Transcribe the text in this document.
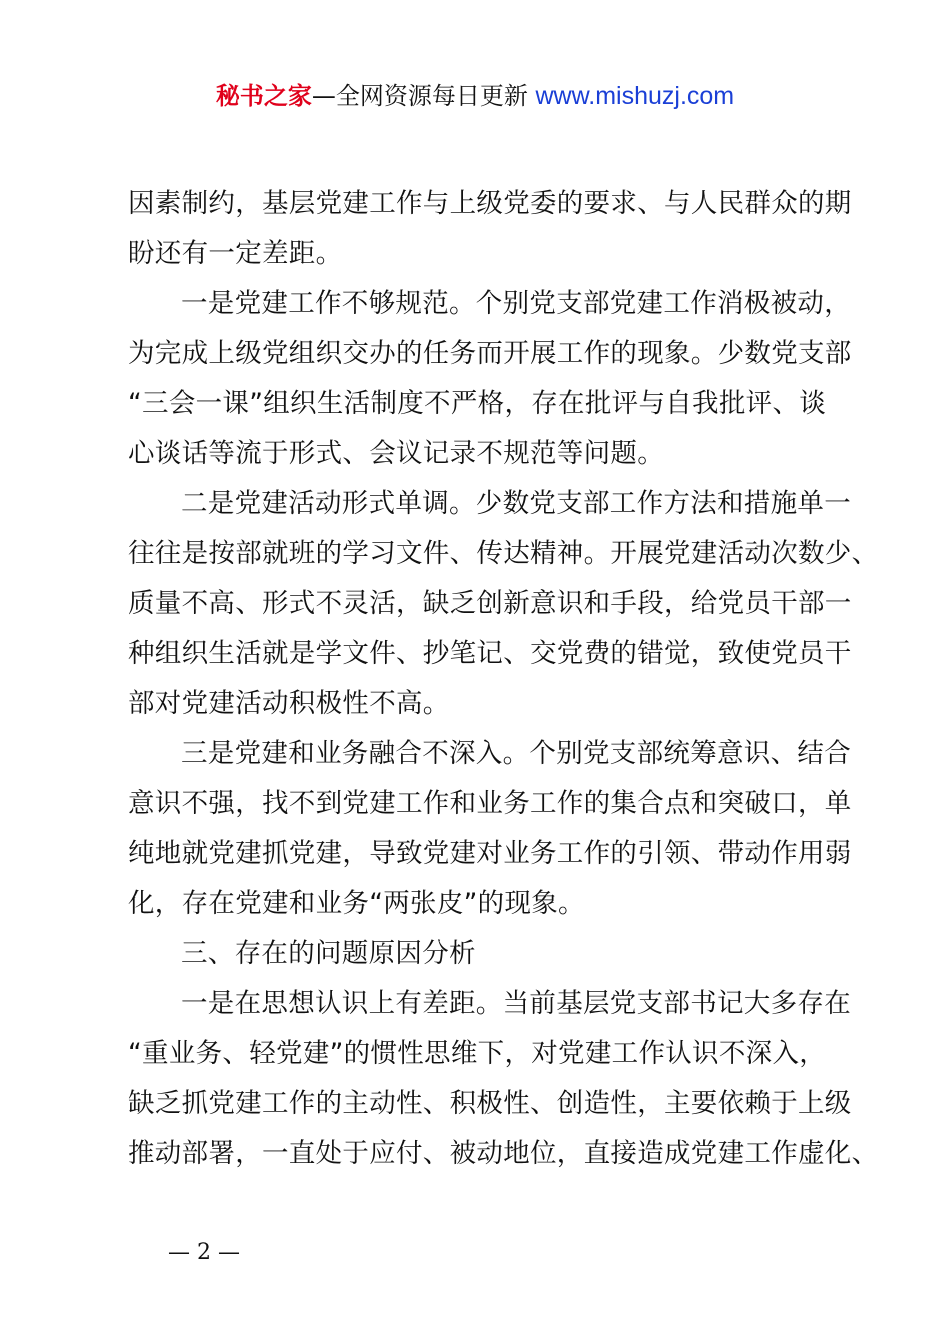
秘书之家—全网资源每日更新 www.mishuzj.com

因素制约，基层党建工作与上级党委的要求、与人民群众的期
盼还有一定差距。

一是党建工作不够规范。个别党支部党建工作消极被动，
为完成上级党组织交办的任务而开展工作的现象。少数党支部
“三会一课”组织生活制度不严格，存在批评与自我批评、谈
心谈话等流于形式、会议记录不规范等问题。

二是党建活动形式单调。少数党支部工作方法和措施单一
往往是按部就班的学习文件、传达精神。开展党建活动次数少、
质量不高、形式不灵活，缺乏创新意识和手段，给党员干部一
种组织生活就是学文件、抄笔记、交党费的错觉，致使党员干
部对党建活动积极性不高。

三是党建和业务融合不深入。个别党支部统筹意识、结合
意识不强，找不到党建工作和业务工作的集合点和突破口，单
纯地就党建抓党建，导致党建对业务工作的引领、带动作用弱
化，存在党建和业务“两张皮”的现象。

三、存在的问题原因分析

一是在思想认识上有差距。当前基层党支部书记大多存在
“重业务、轻党建”的惯性思维下，对党建工作认识不深入，
缺乏抓党建工作的主动性、积极性、创造性，主要依赖于上级
推动部署，一直处于应付、被动地位，直接造成党建工作虚化、

— 2 —
